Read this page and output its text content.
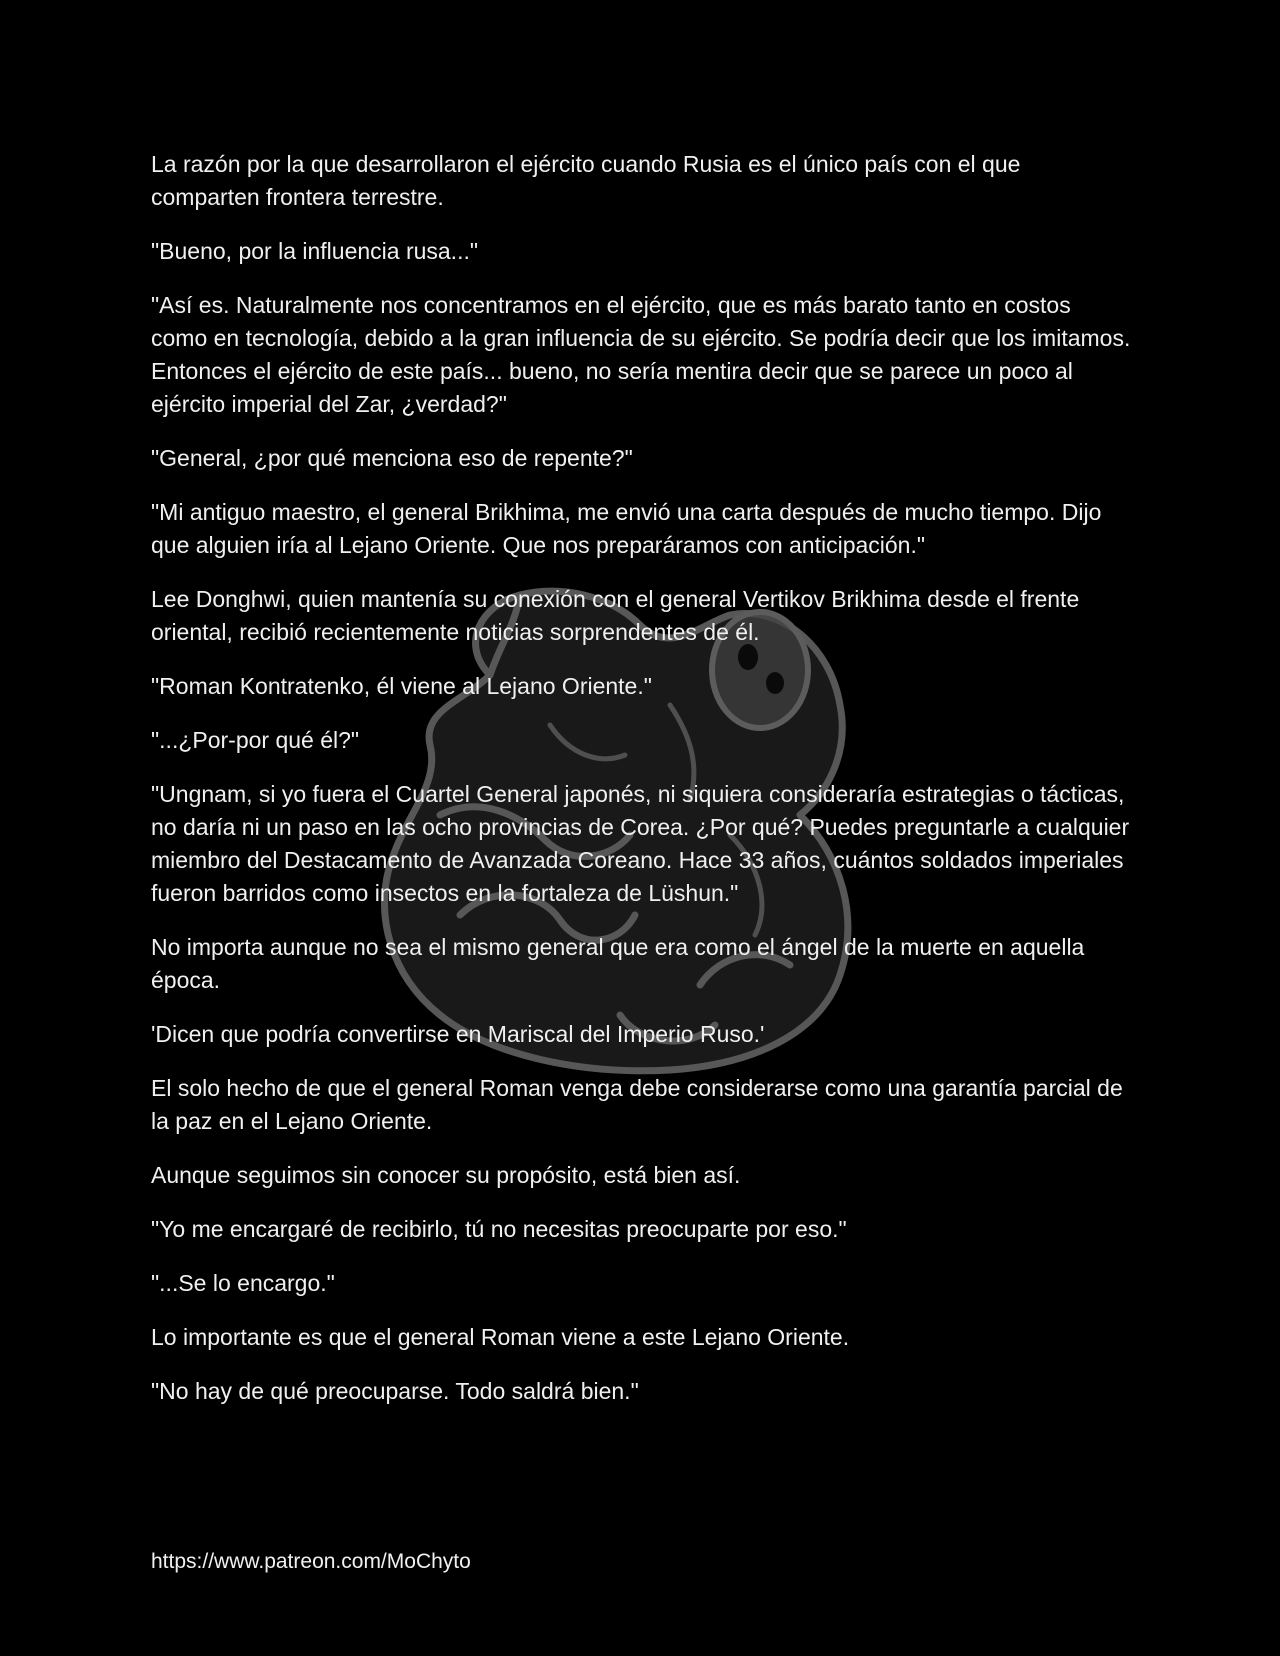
La razón por la que desarrollaron el ejército cuando Rusia es el único país con el que comparten frontera terrestre.

"Bueno, por la influencia rusa..."

"Así es. Naturalmente nos concentramos en el ejército, que es más barato tanto en costos como en tecnología, debido a la gran influencia de su ejército. Se podría decir que los imitamos. Entonces el ejército de este país... bueno, no sería mentira decir que se parece un poco al ejército imperial del Zar, ¿verdad?"

"General, ¿por qué menciona eso de repente?"

"Mi antiguo maestro, el general Brikhima, me envió una carta después de mucho tiempo. Dijo que alguien iría al Lejano Oriente. Que nos preparáramos con anticipación."

Lee Donghwi, quien mantenía su conexión con el general Vertikov Brikhima desde el frente oriental, recibió recientemente noticias sorprendentes de él.

"Roman Kontratenko, él viene al Lejano Oriente."

"...¿Por-por qué él?"

"Ungnam, si yo fuera el Cuartel General japonés, ni siquiera consideraría estrategias o tácticas, no daría ni un paso en las ocho provincias de Corea. ¿Por qué? Puedes preguntarle a cualquier miembro del Destacamento de Avanzada Coreano. Hace 33 años, cuántos soldados imperiales fueron barridos como insectos en la fortaleza de Lüshun."

No importa aunque no sea el mismo general que era como el ángel de la muerte en aquella época.

'Dicen que podría convertirse en Mariscal del Imperio Ruso.'

El solo hecho de que el general Roman venga debe considerarse como una garantía parcial de la paz en el Lejano Oriente.

Aunque seguimos sin conocer su propósito, está bien así.

"Yo me encargaré de recibirlo, tú no necesitas preocuparte por eso."

"...Se lo encargo."

Lo importante es que el general Roman viene a este Lejano Oriente.

"No hay de qué preocuparse. Todo saldrá bien."

https://www.patreon.com/MoChyto
